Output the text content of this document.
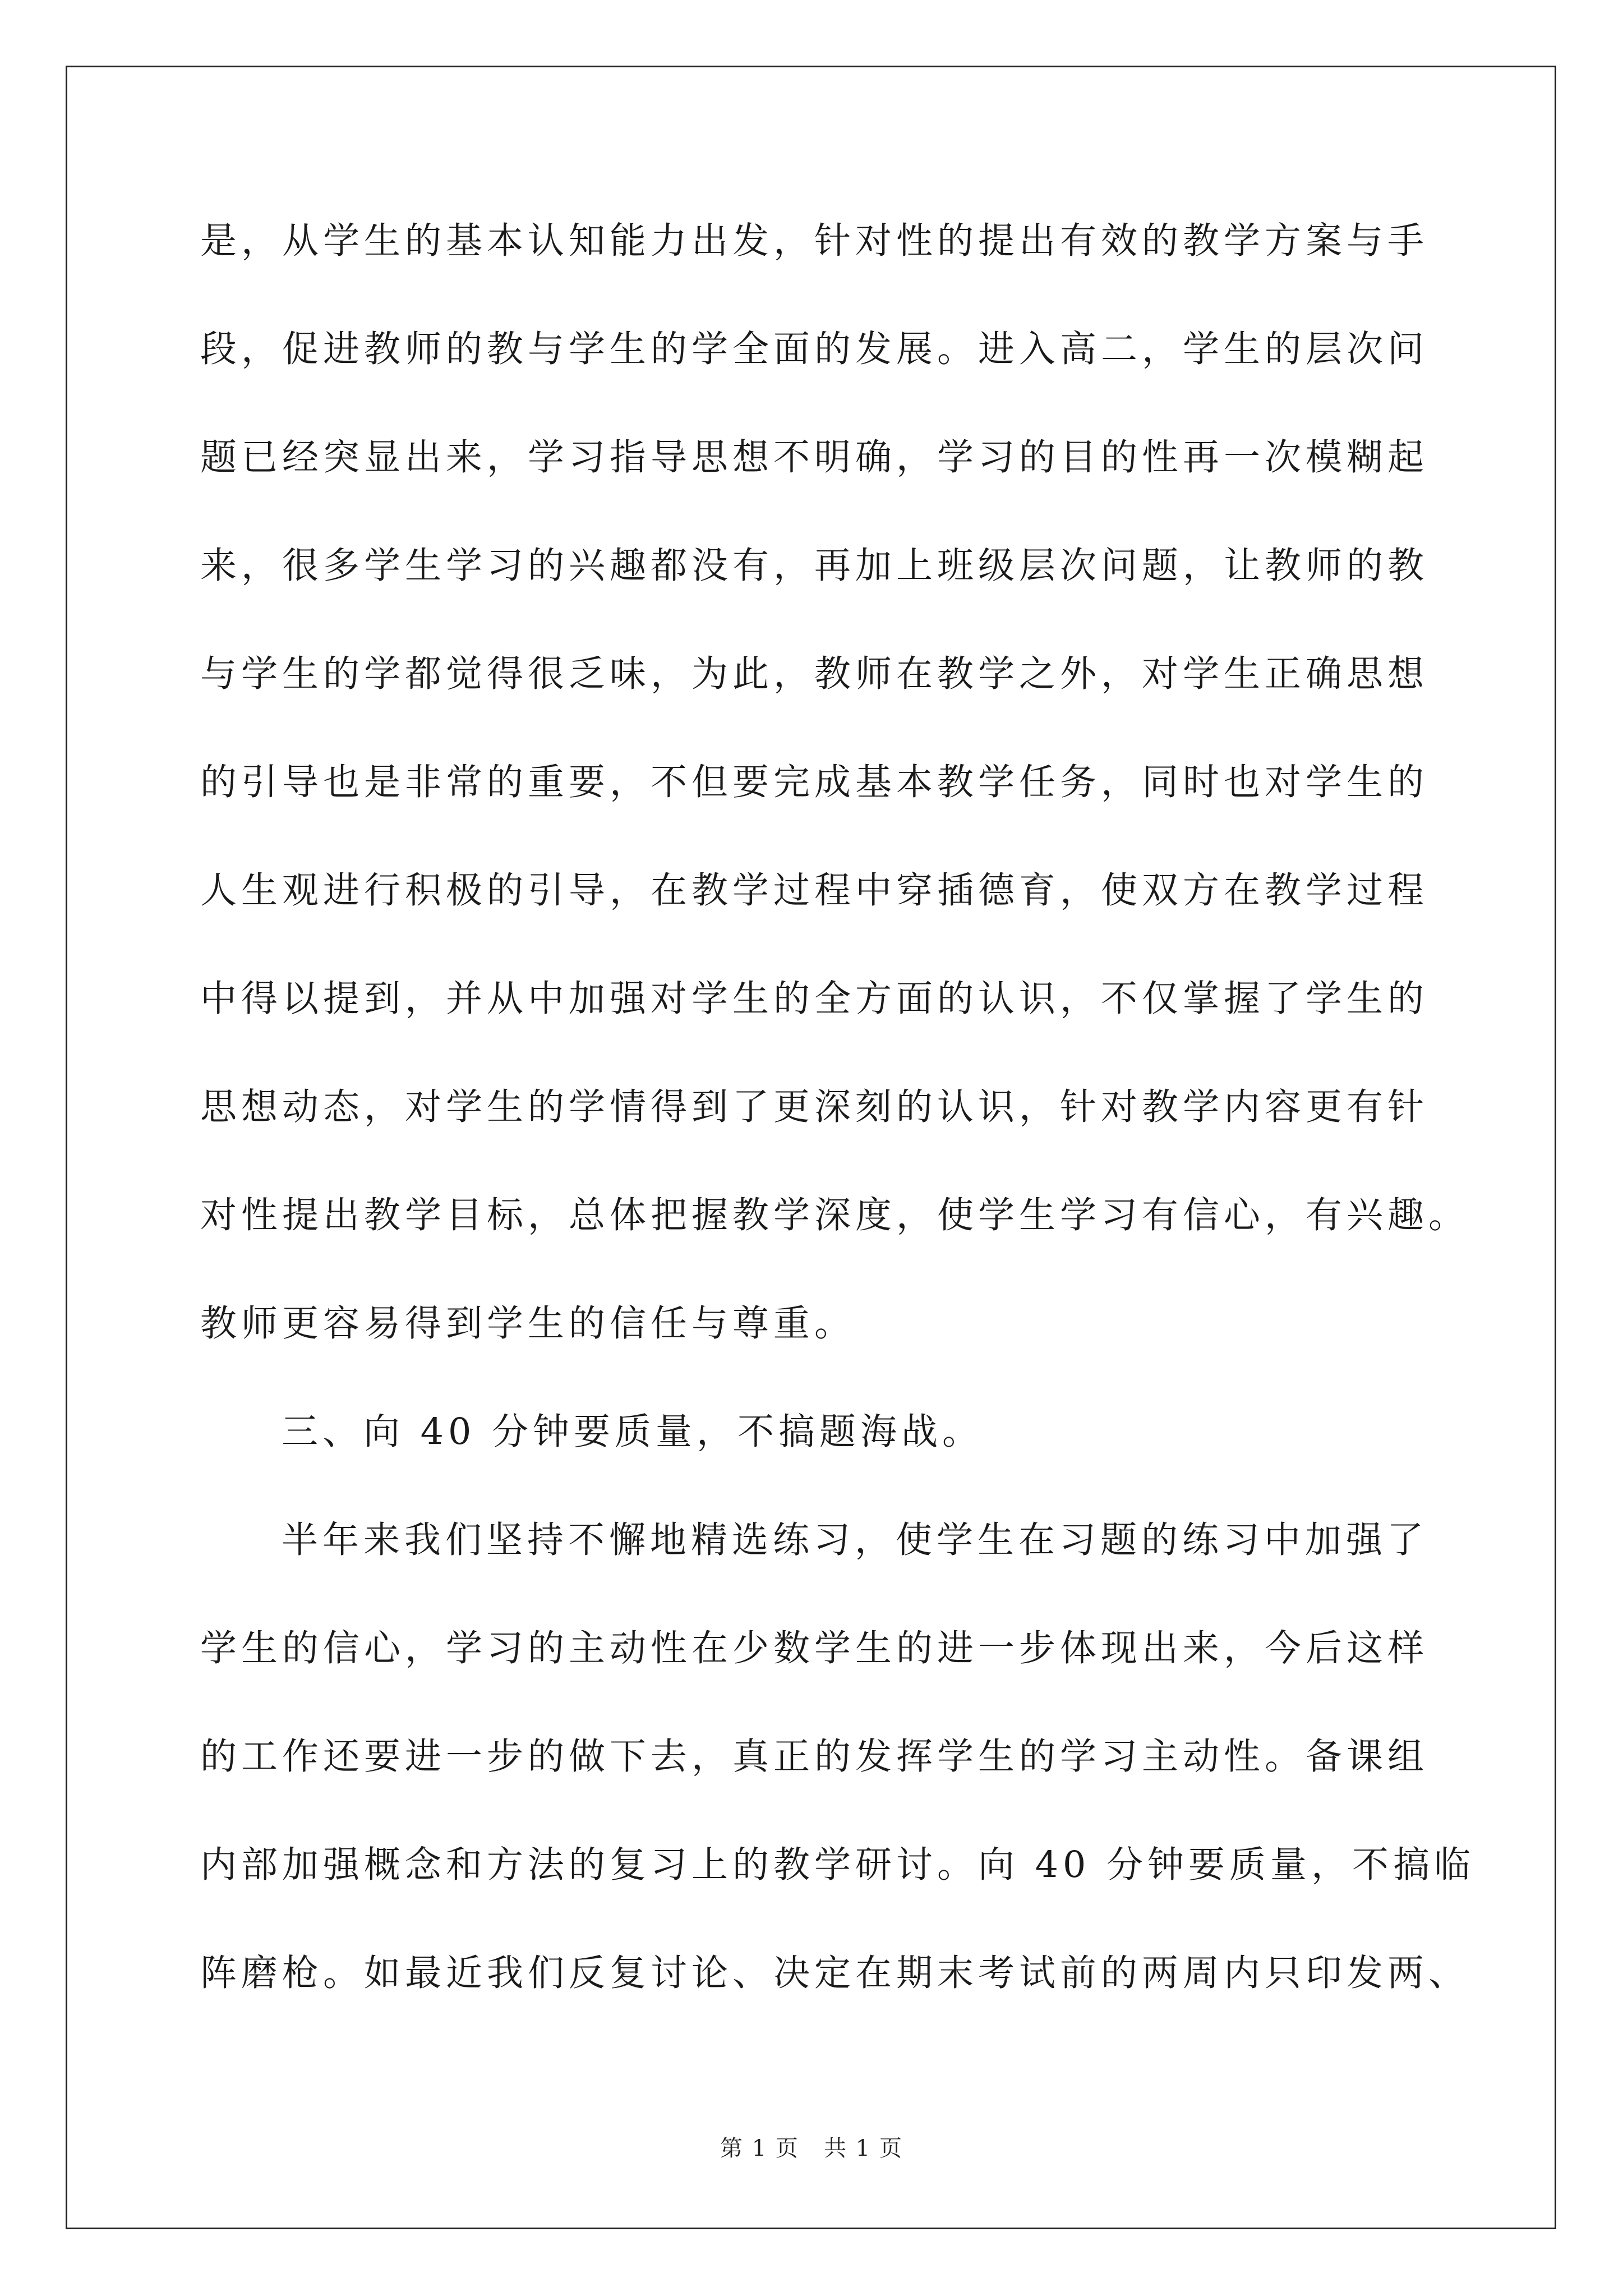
是，从学生的基本认知能力出发，针对性的提出有效的教学方案与手
段，促进教师的教与学生的学全面的发展。进入高二，学生的层次问
题已经突显出来，学习指导思想不明确，学习的目的性再一次模糊起
来，很多学生学习的兴趣都没有，再加上班级层次问题，让教师的教
与学生的学都觉得很乏味，为此，教师在教学之外，对学生正确思想
的引导也是非常的重要，不但要完成基本教学任务，同时也对学生的
人生观进行积极的引导，在教学过程中穿插德育，使双方在教学过程
中得以提到，并从中加强对学生的全方面的认识，不仅掌握了学生的
思想动态，对学生的学情得到了更深刻的认识，针对教学内容更有针
对性提出教学目标，总体把握教学深度，使学生学习有信心，有兴趣。
教师更容易得到学生的信任与尊重。
三、向 40 分钟要质量，不搞题海战。
半年来我们坚持不懈地精选练习，使学生在习题的练习中加强了
学生的信心，学习的主动性在少数学生的进一步体现出来，今后这样
的工作还要进一步的做下去，真正的发挥学生的学习主动性。备课组
内部加强概念和方法的复习上的教学研讨。向 40 分钟要质量，不搞临
阵磨枪。如最近我们反复讨论、决定在期末考试前的两周内只印发两、
第 1 页   共 1 页
